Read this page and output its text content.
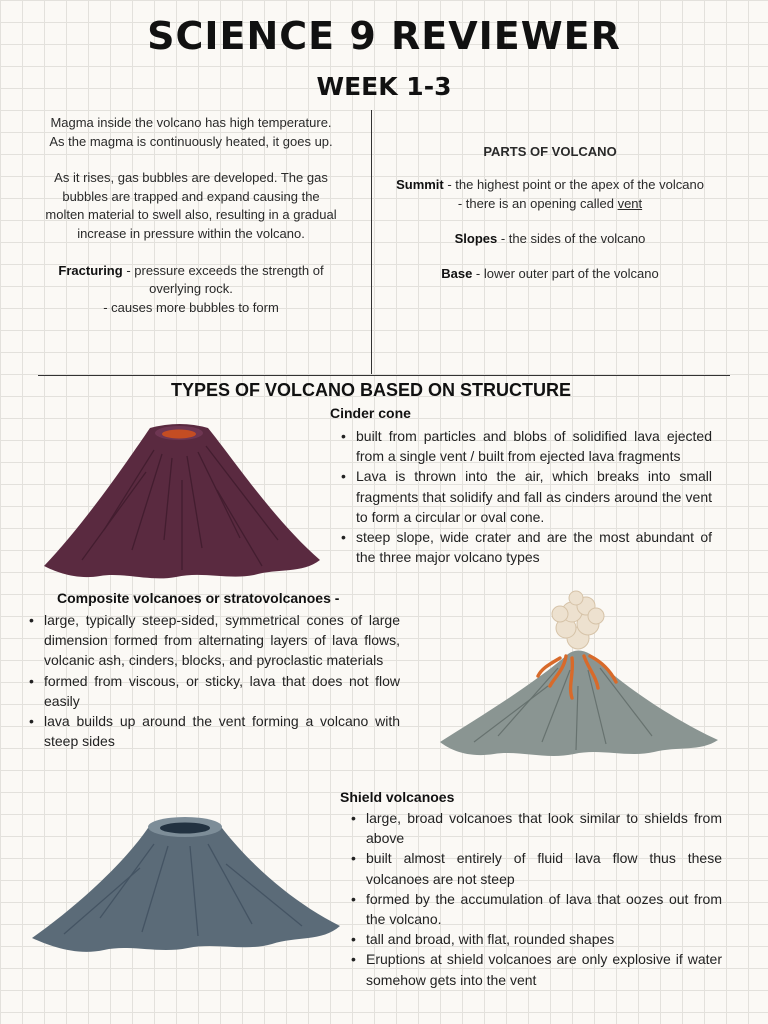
SCIENCE 9 REVIEWER
WEEK 1-3

Magma inside the volcano has high temperature. As the magma is continuously heated, it goes up.

As it rises, gas bubbles are developed. The gas bubbles are trapped and expand causing the molten material to swell also, resulting in a gradual increase in pressure within the volcano.

Fracturing - pressure exceeds the strength of overlying rock.

- causes more bubbles to form

PARTS OF VOLCANO

Summit - the highest point or the apex of the volcano

- there is an opening called vent

Slopes - the sides of the volcano

Base - lower outer part of the volcano

TYPES OF VOLCANO BASED ON STRUCTURE
Cinder cone
• built from particles and blobs of solidified lava ejected from a single vent / built from ejected lava fragments
• Lava is thrown into the air, which breaks into small fragments that solidify and fall as cinders around the vent to form a circular or oval cone.
• steep slope, wide crater and are the most abundant of the three major volcano types
Composite volcanoes or stratovolcanoes -
• large, typically steep-sided, symmetrical cones of large dimension formed from alternating layers of lava flows, volcanic ash, cinders, blocks, and pyroclastic materials
• formed from viscous, or sticky, lava that does not flow easily
• lava builds up around the vent forming a volcano with steep sides
Shield volcanoes
• large, broad volcanoes that look similar to shields from above
• built almost entirely of fluid lava flow thus these volcanoes are not steep
• formed by the accumulation of lava that oozes out from the volcano.
• tall and broad, with flat, rounded shapes
• Eruptions at shield volcanoes are only explosive if water somehow gets into the vent
